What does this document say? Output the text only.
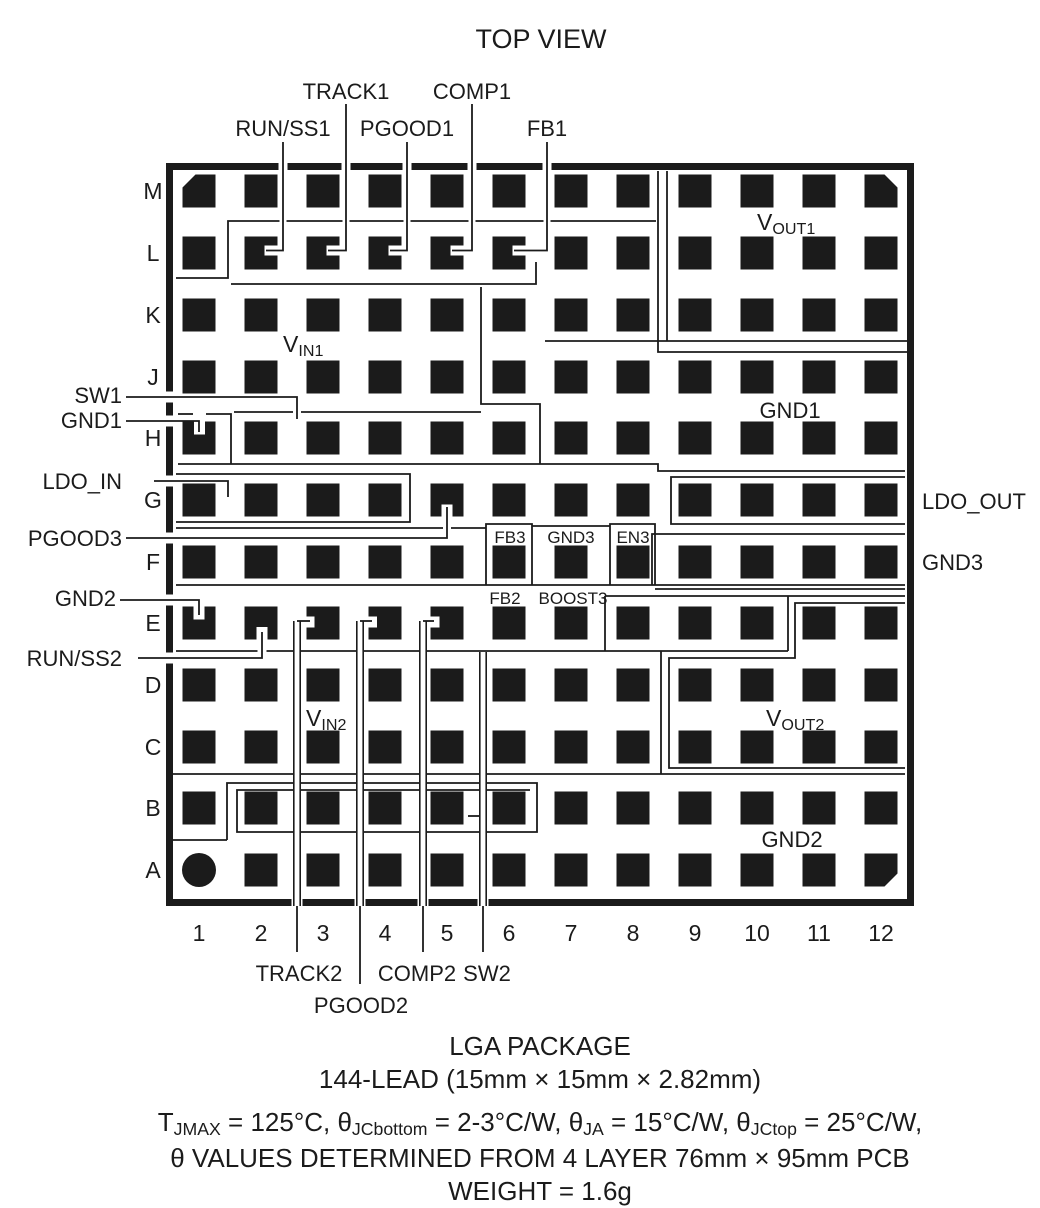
TOP VIEW
RUN/SS1
TRACK1
PGOOD1
COMP1
FB1
SW1
GND1
LDO_IN
PGOOD3
GND2
RUN/SS2
LDO_OUT
GND3
TRACK2
PGOOD2
COMP2 SW2
VOUT1
VIN1
GND1
FB3 GND3 EN3
FB2 BOOST3
VIN2	VOUT2
GND2
M
L
K
J
H
G
F
E
D
C
B
A
1 2 3 4 5 6 7 8 9 10 11 12
LGA PACKAGE
144-LEAD (15mm × 15mm × 2.82mm)
TJMAX = 125°C, θJCbottom = 2-3°C/W, θJA = 15°C/W, θJCtop = 25°C/W,
θ VALUES DETERMINED FROM 4 LAYER 76mm × 95mm PCB
WEIGHT = 1.6g
